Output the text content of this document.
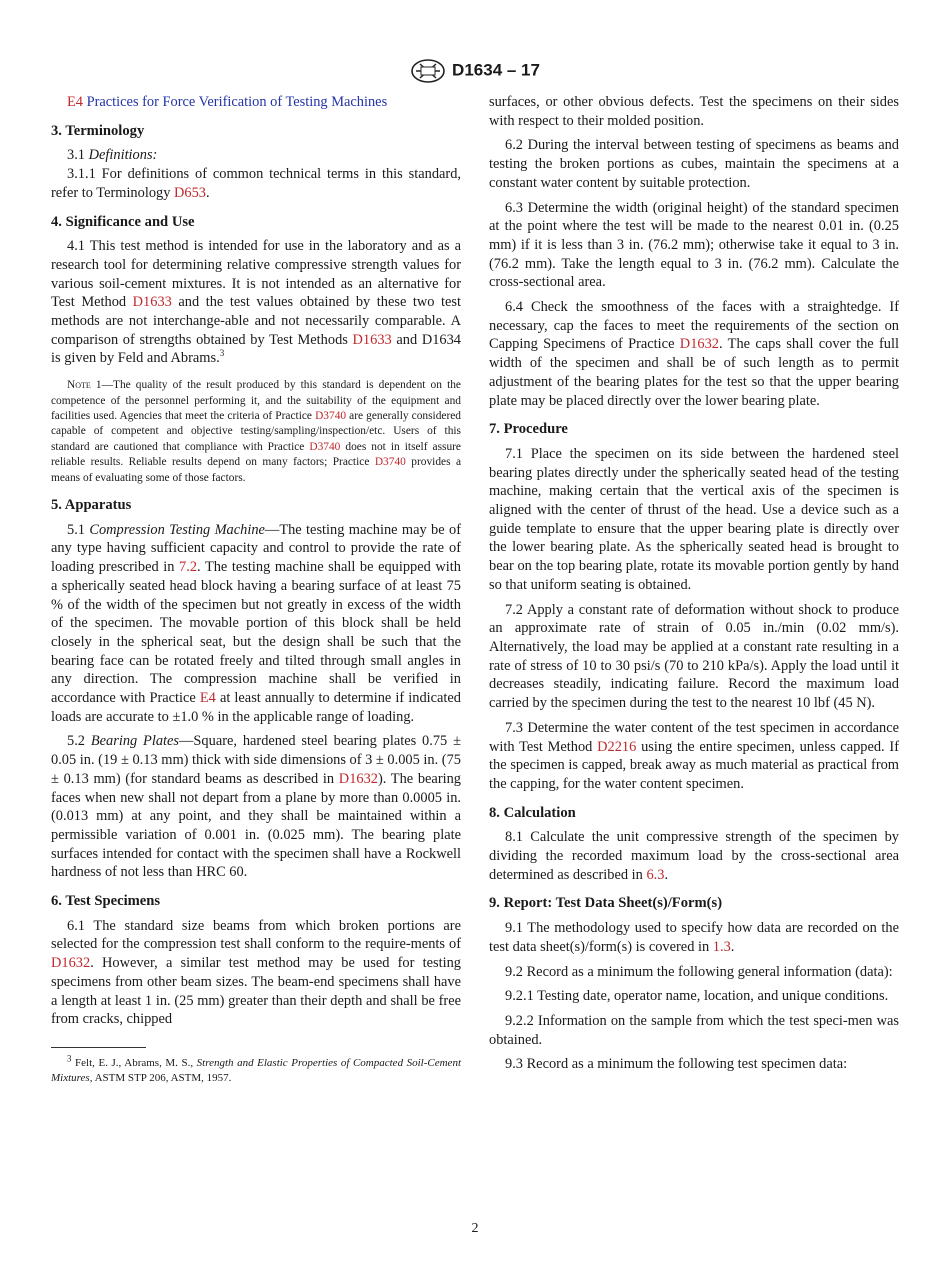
D1634 – 17

E4 Practices for Force Verification of Testing Machines

3. Terminology

3.1 Definitions:

3.1.1 For definitions of common technical terms in this standard, refer to Terminology D653.

4. Significance and Use

4.1 This test method is intended for use in the laboratory and as a research tool for determining relative compressive strength values for various soil-cement mixtures. It is not intended as an alternative for Test Method D1633 and the test values obtained by these two test methods are not interchange-able and not necessarily comparable. A comparison of strengths obtained by Test Methods D1633 and D1634 is given by Feld and Abrams.$^3$

Note 1—The quality of the result produced by this standard is dependent on the competence of the personnel performing it, and the suitability of the equipment and facilities used. Agencies that meet the criteria of Practice D3740 are generally considered capable of competent and objective testing/sampling/inspection/etc. Users of this standard are cautioned that compliance with Practice D3740 does not in itself assure reliable results. Reliable results depend on many factors; Practice D3740 provides a means of evaluating some of those factors.

5. Apparatus

5.1 Compression Testing Machine—The testing machine may be of any type having sufficient capacity and control to provide the rate of loading prescribed in 7.2. The testing machine shall be equipped with a spherically seated head block having a bearing surface of at least 75 % of the width of the specimen but not greatly in excess of the width of the specimen. The movable portion of this block shall be held closely in the spherical seat, but the design shall be such that the bearing face can be rotated freely and tilted through small angles in any direction. The compression machine shall be verified in accordance with Practice E4 at least annually to determine if indicated loads are accurate to ±1.0 % in the applicable range of loading.

5.2 Bearing Plates—Square, hardened steel bearing plates 0.75 ± 0.05 in. (19 ± 0.13 mm) thick with side dimensions of 3 ± 0.005 in. (75 ± 0.13 mm) (for standard beams as described in D1632). The bearing faces when new shall not depart from a plane by more than 0.0005 in. (0.013 mm) at any point, and they shall be maintained within a permissible variation of 0.001 in. (0.025 mm). The bearing plate surfaces intended for contact with the specimen shall have a Rockwell hardness of not less than HRC 60.

6. Test Specimens

6.1 The standard size beams from which broken portions are selected for the compression test shall conform to the require-ments of D1632. However, a similar test method may be used for testing specimens from other beam sizes. The beam-end specimens shall have a length at least 1 in. (25 mm) greater than their depth and shall be free from cracks, chipped

$^3$ Felt, E. J., Abrams, M. S., Strength and Elastic Properties of Compacted Soil-Cement Mixtures, ASTM STP 206, ASTM, 1957.

surfaces, or other obvious defects. Test the specimens on their sides with respect to their molded position.

6.2 During the interval between testing of specimens as beams and testing the broken portions as cubes, maintain the specimens at a constant water content by suitable protection.

6.3 Determine the width (original height) of the standard specimen at the point where the test will be made to the nearest 0.01 in. (0.25 mm) if it is less than 3 in. (76.2 mm); otherwise take it equal to 3 in. (76.2 mm). Take the length equal to 3 in. (76.2 mm). Calculate the cross-sectional area.

6.4 Check the smoothness of the faces with a straightedge. If necessary, cap the faces to meet the requirements of the section on Capping Specimens of Practice D1632. The caps shall cover the full width of the specimen and shall be of such length as to permit adjustment of the bearing plates for the test so that the upper bearing plate may be placed directly over the lower bearing plate.

7. Procedure

7.1 Place the specimen on its side between the hardened steel bearing plates directly under the spherically seated head of the testing machine, making certain that the vertical axis of the specimen is aligned with the center of thrust of the head. Use a device such as a guide template to ensure that the upper bearing plate is directly over the lower bearing plate. As the spherically seated head is brought to bear on the top bearing plate, rotate its movable portion gently by hand so that uniform seating is obtained.

7.2 Apply a constant rate of deformation without shock to produce an approximate rate of strain of 0.05 in./min (0.02 mm/s). Alternatively, the load may be applied at a constant rate resulting in a rate of stress of 10 to 30 psi/s (70 to 210 kPa/s). Apply the load until it decreases steadily, indicating failure. Record the maximum load carried by the specimen during the test to the nearest 10 lbf (45 N).

7.3 Determine the water content of the test specimen in accordance with Test Method D2216 using the entire specimen, unless capped. If the specimen is capped, break away as much material as practical from the capping, for the water content specimen.

8. Calculation

8.1 Calculate the unit compressive strength of the specimen by dividing the recorded maximum load by the cross-sectional area determined as described in 6.3.

9. Report: Test Data Sheet(s)/Form(s)

9.1 The methodology used to specify how data are recorded on the test data sheet(s)/form(s) is covered in 1.3.

9.2 Record as a minimum the following general information (data):

9.2.1 Testing date, operator name, location, and unique conditions.

9.2.2 Information on the sample from which the test speci-men was obtained.

9.3 Record as a minimum the following test specimen data:

2
